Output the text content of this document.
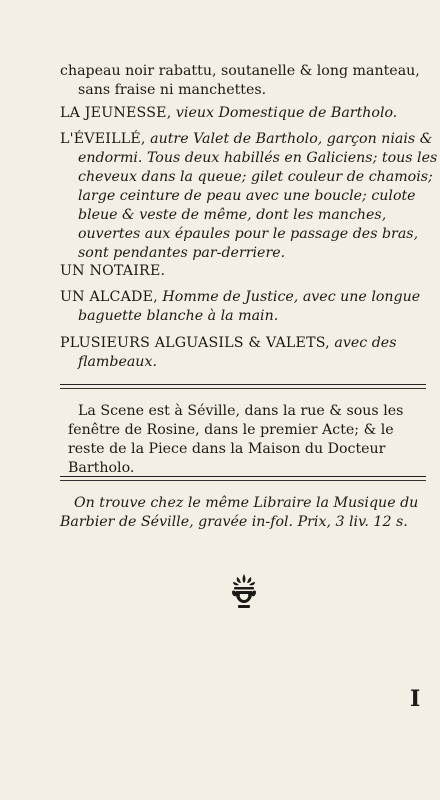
chapeau noir rabattu, soutanelle & long manteau, sans fraise ni manchettes.
LA JEUNESSE, vieux Domestique de Bartholo.
L'ÉVEILLÉ, autre Valet de Bartholo, garçon niais & endormi. Tous deux habillés en Galiciens; tous les cheveux dans la queue; gilet couleur de chamois; large ceinture de peau avec une boucle; culote bleue & veste de même, dont les manches, ouvertes aux épaules pour le passage des bras, sont pendantes par-derriere.
UN NOTAIRE.
UN ALCADE, Homme de Justice, avec une longue baguette blanche à la main.
PLUSIEURS ALGUASILS & VALETS, avec des flambeaux.
La Scene est à Séville, dans la rue & sous les fenêtre de Rosine, dans le premier Acte; & le reste de la Piece dans la Maison du Docteur Bartholo.
On trouve chez le même Libraire la Musique du Barbier de Séville, gravée in-fol. Prix, 3 liv. 12 s.
I
